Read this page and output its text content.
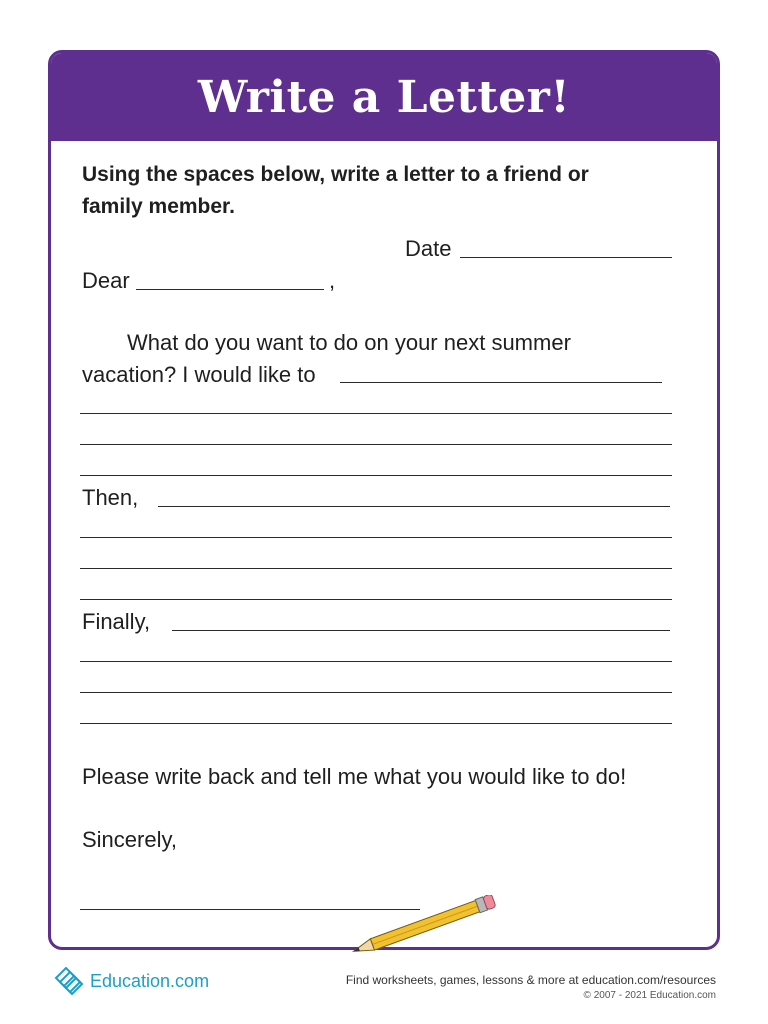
Write a Letter!
Using the spaces below, write a letter to a friend or
family member.
Date
Dear	,
What do you want to do on your next summer
vacation? I would like to
Then,
Finally,
Please write back and tell me what you would like to do!
Sincerely,
Education.com	Find worksheets, games, lessons & more at education.com/resources
© 2007 - 2021 Education.com
